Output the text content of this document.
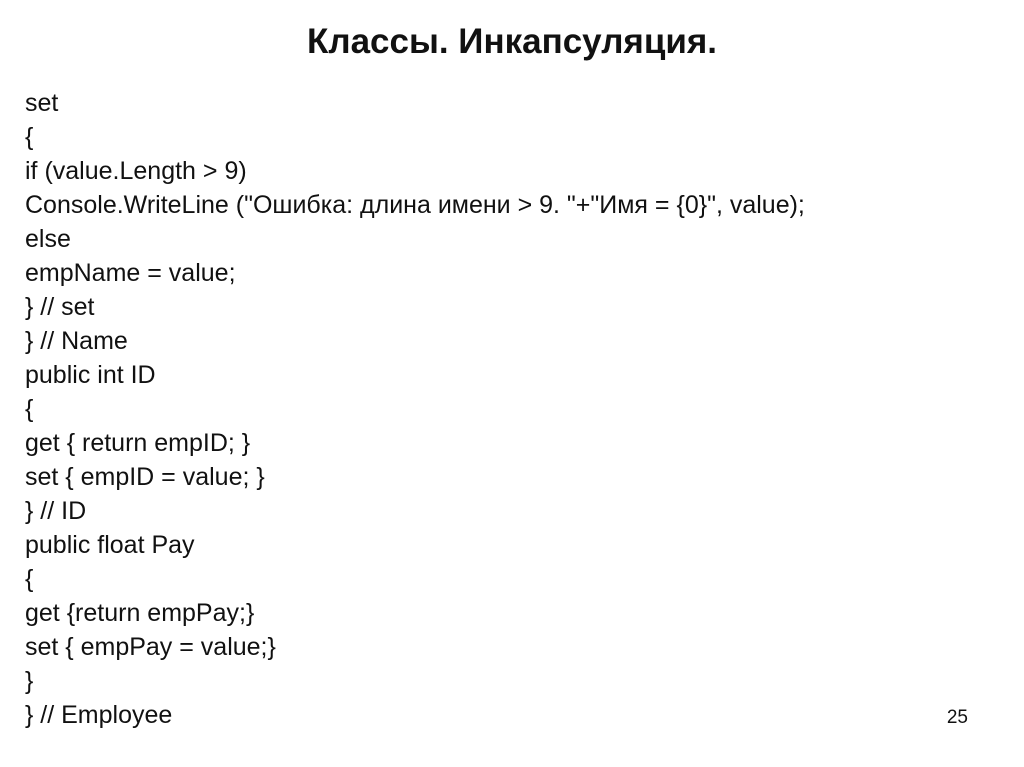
Классы. Инкапсуляция.
set
{
if (value.Length > 9)
Console.WriteLine ("Ошибка: длина имени > 9. "+"Имя = {0}", value);
else
empName = value;
} // set
} // Name
public int ID
{
get { return empID; }
set { empID = value; }
} // ID
public float Pay
{
get {return empPay;}
set { empPay = value;}
}
} // Employee	25
